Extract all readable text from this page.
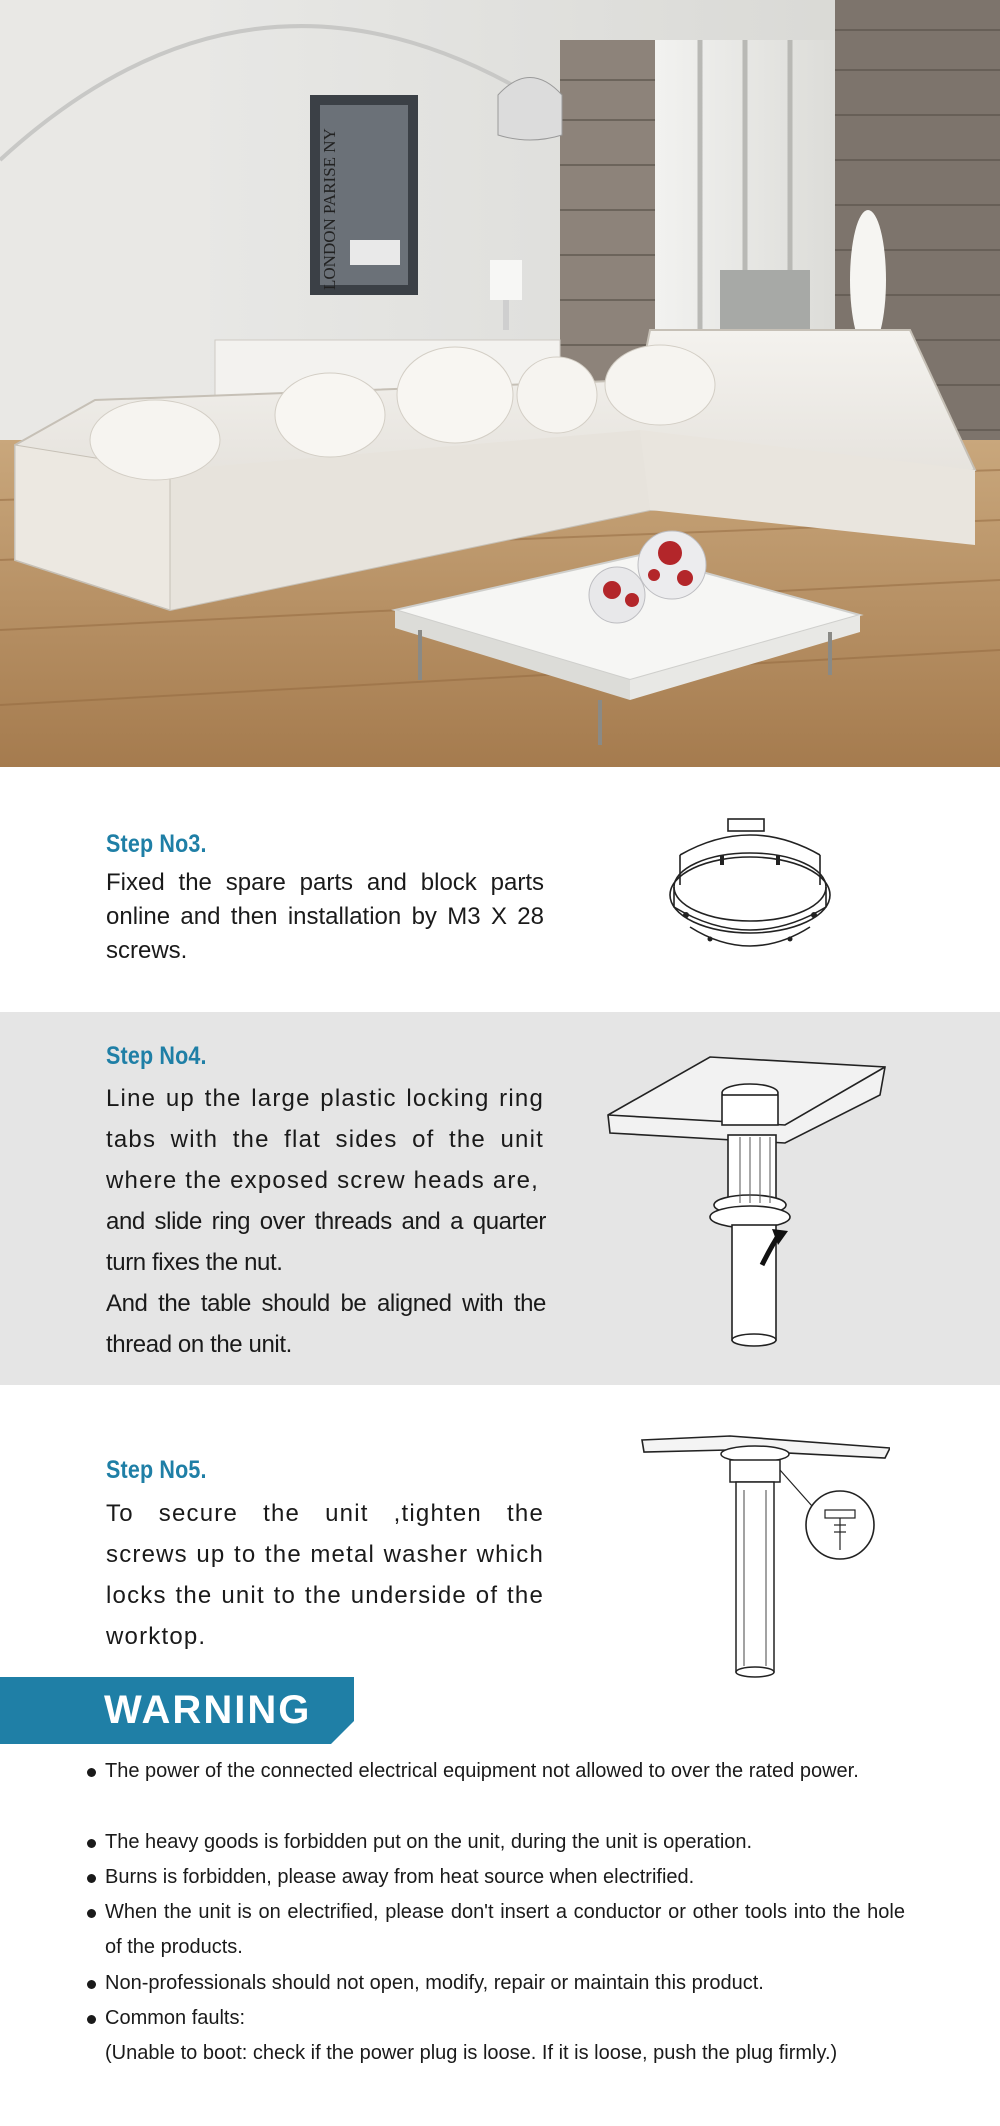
LONDON PARISE NY
Step No3.
Fixed the spare parts and block parts online and then installation by M3 X 28 screws.
Step No4.
Line up the large plastic locking ring tabs with the flat sides of the unit where the exposed screw heads are,
and slide ring over threads and a quarter turn fixes the nut.
And the table should be aligned with the thread on the unit.
Step No5.
To secure the unit ,tighten the screws up to the metal washer which locks the unit to the underside of the worktop.
WARNING
The power of the connected electrical equipment not allowed to over the rated power.
The heavy goods is forbidden put on the unit, during the unit is operation.
Burns is forbidden, please away from heat source when electrified.
When the unit is on electrified, please don't insert a conductor or other tools into the hole of the products.
Non-professionals should not open, modify, repair or maintain this product.
Common faults:
(Unable to boot: check if the power plug is loose. If it is loose, push the plug firmly.)
